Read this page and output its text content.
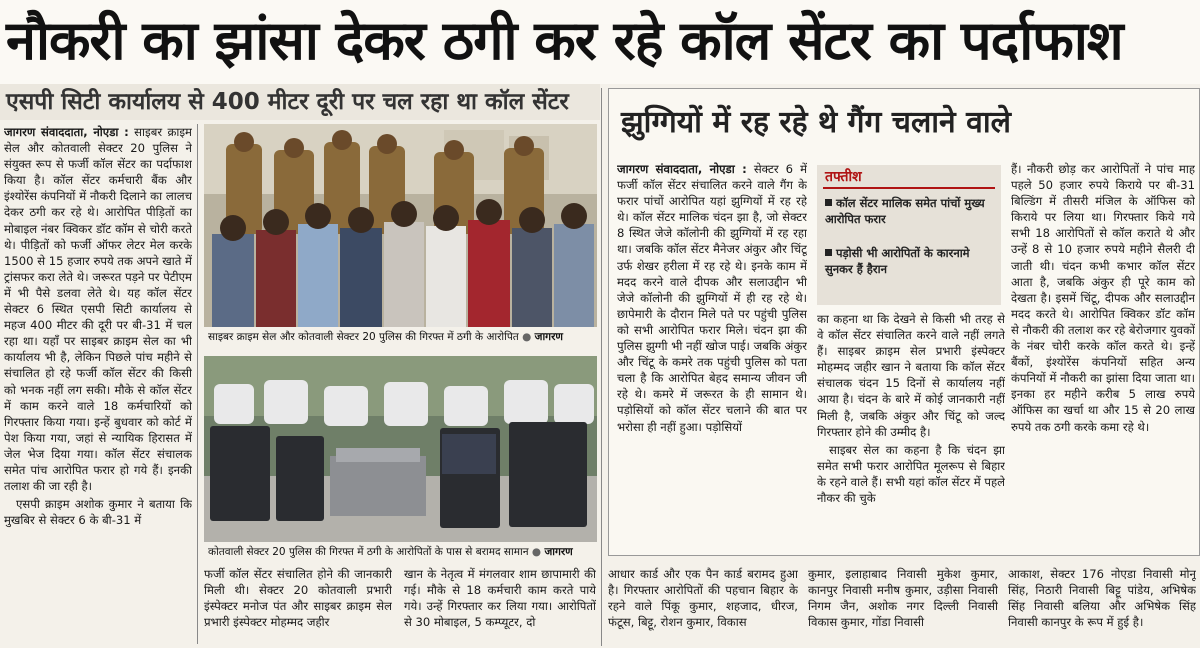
नौकरी का झांसा देकर ठगी कर रहे कॉल सेंटर का पर्दाफाश
एसपी सिटी कार्यालय से 400 मीटर दूरी पर चल रहा था कॉल सेंटर

जागरण संवाददाता, नोएडा : साइबर क्राइम सेल और कोतवाली सेक्टर 20 पुलिस ने संयुक्त रूप से फर्जी कॉल सेंटर का पर्दाफाश किया है। कॉल सेंटर कर्मचारी बैंक और इंश्योरेंस कंपनियों में नौकरी दिलाने का लालच देकर ठगी कर रहे थे। आरोपित पीड़ितों का मोबाइल नंबर क्विकर डॉट कॉम से चोरी करते थे। पीड़ितों को फर्जी ऑफर लेटर मेल करके 1500 से 15 हजार रुपये तक अपने खाते में ट्रांसफर करा लेते थे। जरूरत पड़ने पर पेटीएम में भी पैसे डलवा लेते थे। यह कॉल सेंटर सेक्टर 6 स्थित एसपी सिटी कार्यालय से महज 400 मीटर की दूरी पर बी-31 में चल रहा था। यहाँ पर साइबर क्राइम सेल का भी कार्यालय भी है, लेकिन पिछले पांच महीने से संचालित हो रहे फर्जी कॉल सेंटर की किसी को भनक नहीं लग सकी। मौके से कॉल सेंटर में काम करने वाले 18 कर्मचारियों को गिरफ्तार किया गया। इन्हें बुधवार को कोर्ट में पेश किया गया, जहां से न्यायिक हिरासत में जेल भेज दिया गया। कॉल सेंटर संचालक समेत पांच आरोपित फरार हो गये हैं। इनकी तलाश की जा रही है।

एसपी क्राइम अशोक कुमार ने बताया कि मुखबिर से सेक्टर 6 के बी-31 में

साइबर क्राइम सेल और कोतवाली सेक्टर 20 पुलिस की गिरफ्त में ठगी के आरोपित ● जागरण
कोतवाली सेक्टर 20 पुलिस की गिरफ्त में ठगी के आरोपितों के पास से बरामद सामान ● जागरण

फर्जी कॉल सेंटर संचालित होने की जानकारी मिली थी। सेक्टर 20 कोतवाली प्रभारी इंस्पेक्टर मनोज पंत और साइबर क्राइम सेल प्रभारी इंस्पेक्टर मोहम्मद जहीर

खान के नेतृत्व में मंगलवार शाम छापामारी की गई। मौके से 18 कर्मचारी काम करते पाये गये। उन्हें गिरफ्तार कर लिया गया। आरोपितों से 30 मोबाइल, 5 कम्प्यूटर, दो

आधार कार्ड और एक पैन कार्ड बरामद हुआ है। गिरफ्तार आरोपितों की पहचान बिहार के रहने वाले पिंकू कुमार, शहजाद, धीरज, फंटूस, बिट्टू, रोशन कुमार, विकास

कुमार, इलाहाबाद निवासी मुकेश कुमार, कानपुर निवासी मनीष कुमार, उड़ीसा निवासी निगम जैन, अशोक नगर दिल्ली निवासी विकास कुमार, गोंडा निवासी

आकाश, सेक्टर 176 नोएडा निवासी मोनू सिंह, निठारी निवासी बिट्टू पांडेय, अभिषेक सिंह निवासी बलिया और अभिषेक सिंह निवासी कानपुर के रूप में हुई है।

झुग्गियों में रह रहे थे गैंग चलाने वाले

जागरण संवाददाता, नोएडा : सेक्टर 6 में फर्जी कॉल सेंटर संचालित करने वाले गैंग के फरार पांचों आरोपित यहां झुग्गियों में रह रहे थे। कॉल सेंटर मालिक चंदन झा है, जो सेक्टर 8 स्थित जेजे कॉलोनी की झुग्गियों में रह रहा था। जबकि कॉल सेंटर मैनेजर अंकुर और चिंटू उर्फ शेखर हरीला में रह रहे थे। इनके काम में मदद करने वाले दीपक और सलाउद्दीन भी जेजे कॉलोनी की झुग्गियों में ही रह रहे थे। छापेमारी के दौरान मिले पते पर पहुंची पुलिस को सभी आरोपित फरार मिले। चंदन झा की पुलिस झुग्गी भी नहीं खोज पाई। जबकि अंकुर और चिंटू के कमरे तक पहुंची पुलिस को पता चला है कि आरोपित बेहद समान्य जीवन जी रहे थे। कमरे में जरूरत के ही सामान थे। पड़ोसियों को कॉल सेंटर चलाने की बात पर भरोसा ही नहीं हुआ। पड़ोसियों

तफ्तीश
कॉल सेंटर मालिक समेत पांचों मुख्य आरोपित फरार
पड़ोसी भी आरोपितों के कारनामे सुनकर हैं हैरान

का कहना था कि देखने से किसी भी तरह से वे कॉल सेंटर संचालित करने वाले नहीं लगते हैं। साइबर क्राइम सेल प्रभारी इंस्पेक्टर मोहम्मद जहीर खान ने बताया कि कॉल सेंटर संचालक चंदन 15 दिनों से कार्यालय नहीं आया है। चंदन के बारे में कोई जानकारी नहीं मिली है, जबकि अंकुर और चिंटू को जल्द गिरफ्तार होने की उम्मीद है।

साइबर सेल का कहना है कि चंदन झा समेत सभी फरार आरोपित मूलरूप से बिहार के रहने वाले हैं। सभी यहां कॉल सेंटर में पहले नौकर की चुके

हैं। नौकरी छोड़ कर आरोपितों ने पांच माह पहले 50 हजार रुपये किराये पर बी-31 बिल्डिंग में तीसरी मंजिल के ऑफिस को किराये पर लिया था। गिरफ्तार किये गये सभी 18 आरोपितों से कॉल कराते थे और उन्हें 8 से 10 हजार रुपये महीने सैलरी दी जाती थी। चंदन कभी कभार कॉल सेंटर आता है, जबकि अंकुर ही पूरे काम को देखता है। इसमें चिंटू, दीपक और सलाउद्दीन मदद करते थे। आरोपित क्विकर डॉट कॉम से नौकरी की तलाश कर रहे बेरोजगार युवकों के नंबर चोरी करके कॉल करते थे। इन्हें बैंकों, इंश्योरेंस कंपनियों सहित अन्य कंपनियों में नौकरी का झांसा दिया जाता था। इनका हर महीने करीब 5 लाख रुपये ऑफिस का खर्चा था और 15 से 20 लाख रुपये तक ठगी करके कमा रहे थे।
